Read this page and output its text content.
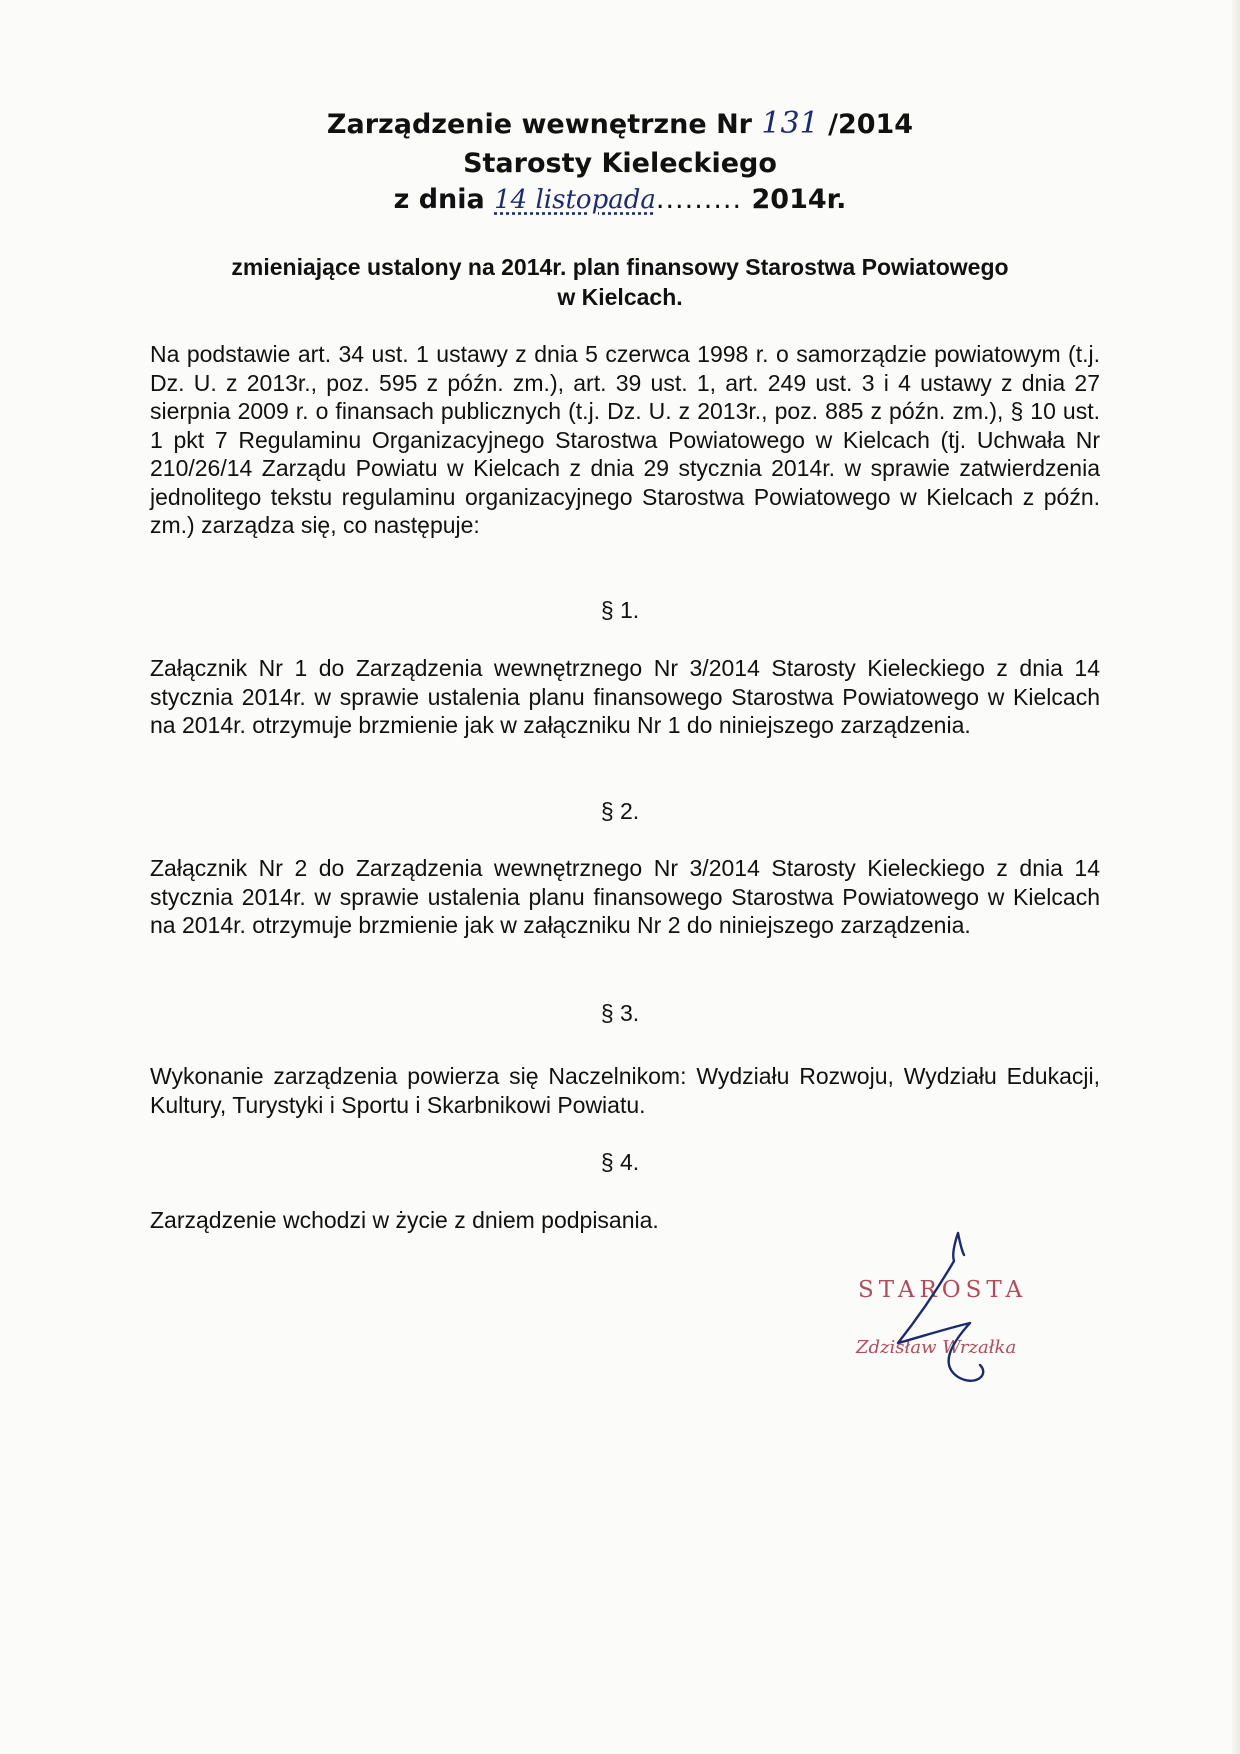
Zarządzenie wewnętrzne Nr 131 /2014
Starosty Kieleckiego
z dnia 14 listopada......... 2014r.
zmieniające ustalony na 2014r. plan finansowy Starostwa Powiatowego
w Kielcach.
Na podstawie art. 34 ust. 1 ustawy z dnia 5 czerwca 1998 r. o samorządzie powiatowym (t.j. Dz. U. z 2013r., poz. 595 z późn. zm.), art. 39 ust. 1, art. 249 ust. 3 i 4 ustawy z dnia 27 sierpnia 2009 r. o finansach publicznych (t.j. Dz. U. z 2013r., poz. 885 z późn. zm.), § 10 ust. 1 pkt 7 Regulaminu Organizacyjnego Starostwa Powiatowego w Kielcach (tj. Uchwała Nr 210/26/14 Zarządu Powiatu w Kielcach z dnia 29 stycznia 2014r. w sprawie zatwierdzenia jednolitego tekstu regulaminu organizacyjnego Starostwa Powiatowego w Kielcach z późn. zm.) zarządza się, co następuje:
§ 1.
Załącznik Nr 1 do Zarządzenia wewnętrznego Nr 3/2014 Starosty Kieleckiego z dnia 14 stycznia 2014r. w sprawie ustalenia planu finansowego Starostwa Powiatowego w Kielcach na 2014r. otrzymuje brzmienie jak w załączniku Nr 1 do niniejszego zarządzenia.
§ 2.
Załącznik Nr 2 do Zarządzenia wewnętrznego Nr 3/2014 Starosty Kieleckiego z dnia 14 stycznia 2014r. w sprawie ustalenia planu finansowego Starostwa Powiatowego w Kielcach na 2014r. otrzymuje brzmienie jak w załączniku Nr 2 do niniejszego zarządzenia.
§ 3.
Wykonanie zarządzenia powierza się Naczelnikom: Wydziału Rozwoju, Wydziału Edukacji, Kultury, Turystyki i Sportu i Skarbnikowi Powiatu.
§ 4.
Zarządzenie wchodzi w życie z dniem podpisania.
STAROSTA
Zdzisław Wrzałka
